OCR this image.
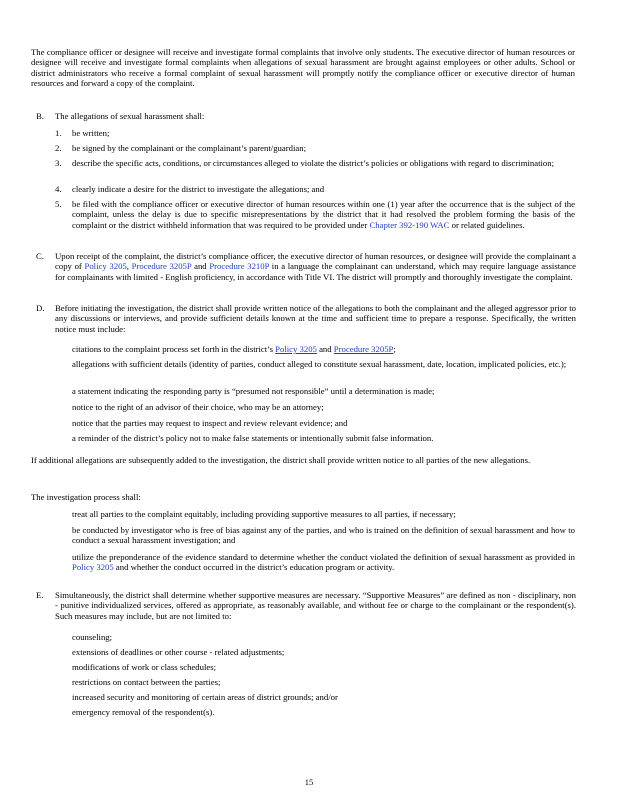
The compliance officer or designee will receive and investigate formal complaints that involve only students. The executive director of human resources or designee will receive and investigate formal complaints when allegations of sexual harassment are brought against employees or other adults. School or district administrators who receive a formal complaint of sexual harassment will promptly notify the compliance officer or executive director of human resources and forward a copy of the complaint.

B.	The allegations of sexual harassment shall:
1.	be written;
2.	be signed by the complainant or the complainant’s parent/guardian;
3.	describe the specific acts, conditions, or circumstances alleged to violate the district’s policies or obligations with regard to discrimination;
4.	clearly indicate a desire for the district to investigate the allegations; and
5.	be filed with the compliance officer or executive director of human resources within one (1) year after the occurrence that is the subject of the complaint, unless the delay is due to specific misrepresentations by the district that it had resolved the problem forming the basis of the complaint or the district withheld information that was required to be provided under Chapter 392-190 WAC or related guidelines.
C.	Upon receipt of the complaint, the district’s compliance officer, the executive director of human resources, or designee will provide the complainant a copy of Policy 3205, Procedure 3205P and Procedure 3210P in a language the complainant can understand, which may require language assistance for complainants with limited - English proficiency, in accordance with Title VI. The district will promptly and thoroughly investigate the complaint.
D.	Before initiating the investigation, the district shall provide written notice of the allegations to both the complainant and the alleged aggressor prior to any discussions or interviews, and provide sufficient details known at the time and sufficient time to prepare a response. Specifically, the written notice must include:
citations to the complaint process set forth in the district’s Policy 3205 and Procedure 3205P;
allegations with sufficient details (identity of parties, conduct alleged to constitute sexual harassment, date, location, implicated policies, etc.);
a statement indicating the responding party is “presumed not responsible” until a determination is made;
notice to the right of an advisor of their choice, who may be an attorney;
notice that the parties may request to inspect and review relevant evidence; and
a reminder of the district’s policy not to make false statements or intentionally submit false information.

If additional allegations are subsequently added to the investigation, the district shall provide written notice to all parties of the new allegations.

The investigation process shall:

treat all parties to the complaint equitably, including providing supportive measures to all parties, if necessary;
be conducted by investigator who is free of bias against any of the parties, and who is trained on the definition of sexual harassment and how to conduct a sexual harassment investigation; and
utilize the preponderance of the evidence standard to determine whether the conduct violated the definition of sexual harassment as provided in Policy 3205 and whether the conduct occurred in the district’s education program or activity.
E.	Simultaneously, the district shall determine whether supportive measures are necessary. “Supportive Measures” are defined as non - disciplinary, non - punitive individualized services, offered as appropriate, as reasonably available, and without fee or charge to the complainant or the respondent(s). Such measures may include, but are not limited to:
counseling;
extensions of deadlines or other course - related adjustments;
modifications of work or class schedules;
restrictions on contact between the parties;
increased security and monitoring of certain areas of district grounds; and/or
emergency removal of the respondent(s).
15
